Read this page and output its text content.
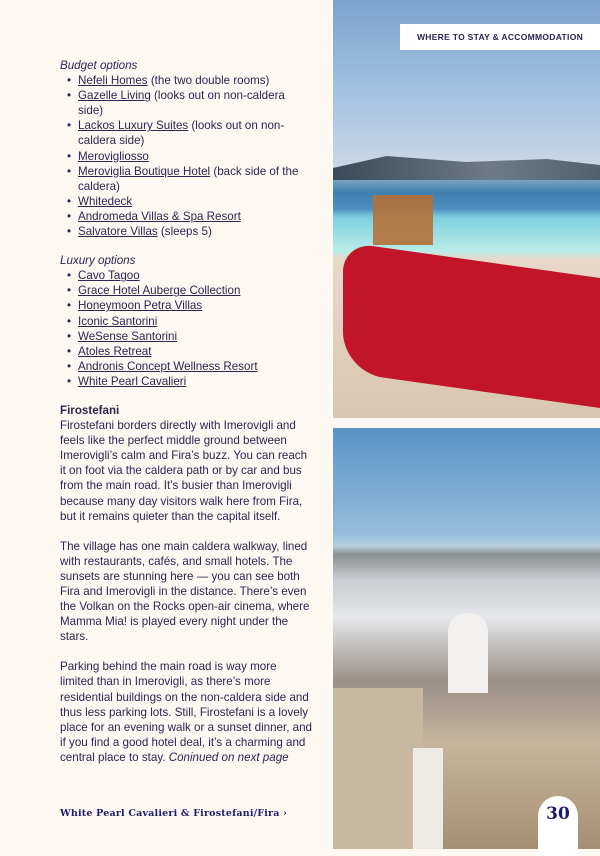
WHERE TO STAY & ACCOMMODATION
Budget options
• Nefeli Homes (the two double rooms)
• Gazelle Living (looks out on non-caldera side)
• Lackos Luxury Suites (looks out on non-caldera side)
• Merovigliosso
• Meroviglia Boutique Hotel (back side of the caldera)
• Whitedeck
• Andromeda Villas & Spa Resort
• Salvatore Villas (sleeps 5)
Luxury options
• Cavo Tagoo
• Grace Hotel Auberge Collection
• Honeymoon Petra Villas
• Iconic Santorini
• WeSense Santorini
• Atoles Retreat
• Andronis Concept Wellness Resort
• White Pearl Cavalieri
Firostefani

Firostefani borders directly with Imerovigli and feels like the perfect middle ground between Imerovigli’s calm and Fira’s buzz. You can reach it on foot via the caldera path or by car and bus from the main road. It’s busier than Imerovigli because many day visitors walk here from Fira, but it remains quieter than the capital itself.

The village has one main caldera walkway, lined with restaurants, cafés, and small hotels. The sunsets are stunning here — you can see both Fira and Imerovigli in the distance. There’s even the Volkan on the Rocks open-air cinema, where Mamma Mia! is played every night under the stars.

Parking behind the main road is way more limited than in Imerovigli, as there’s more residential buildings on the non-caldera side and thus less parking lots. Still, Firostefani is a lovely place for an evening walk or a sunset dinner, and if you find a good hotel deal, it’s a charming and central place to stay. Coninued on next page

White Pearl Cavalieri & Firostefani/Fira ›	30
